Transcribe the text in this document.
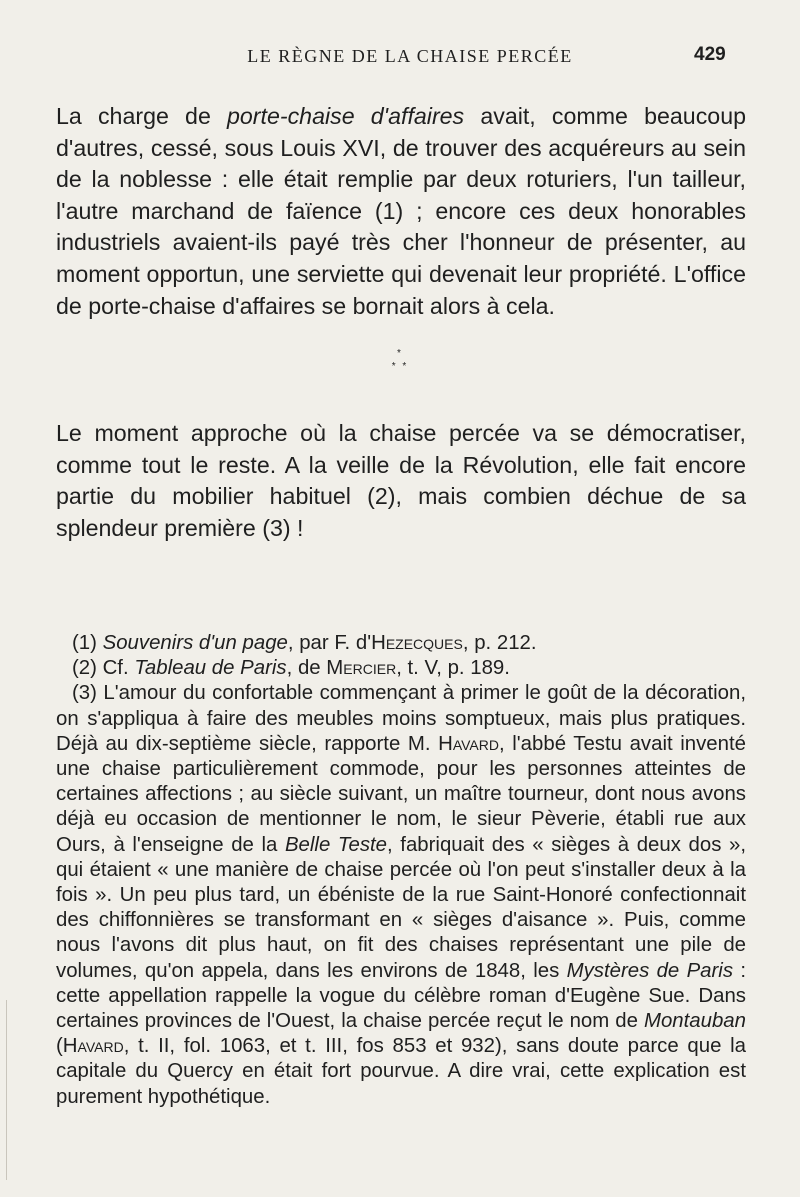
LE RÈGNE DE LA CHAISE PERCÉE	429

La charge de porte-chaise d'affaires avait, comme beaucoup d'autres, cessé, sous Louis XVI, de trouver des acquéreurs au sein de la noblesse : elle était remplie par deux roturiers, l'un tailleur, l'autre marchand de faïence (1) ; encore ces deux honorables industriels avaient-ils payé très cher l'honneur de présenter, au moment opportun, une serviette qui devenait leur propriété. L'office de porte-chaise d'affaires se bornait alors à cela.

*
* *

Le moment approche où la chaise percée va se démocratiser, comme tout le reste. A la veille de la Révolution, elle fait encore partie du mobilier habituel (2), mais combien déchue de sa splendeur première (3) !

(1) Souvenirs d'un page, par F. d'Hezecques, p. 212.

(2) Cf. Tableau de Paris, de Mercier, t. V, p. 189.

(3) L'amour du confortable commençant à primer le goût de la décoration, on s'appliqua à faire des meubles moins somptueux, mais plus pratiques. Déjà au dix-septième siècle, rapporte M. Havard, l'abbé Testu avait inventé une chaise particulièrement commode, pour les personnes atteintes de certaines affections ; au siècle suivant, un maître tourneur, dont nous avons déjà eu occasion de mentionner le nom, le sieur Pèverie, établi rue aux Ours, à l'enseigne de la Belle Teste, fabriquait des « sièges à deux dos », qui étaient « une manière de chaise percée où l'on peut s'installer deux à la fois ». Un peu plus tard, un ébéniste de la rue Saint-Honoré confectionnait des chiffonnières se transformant en « sièges d'aisance ». Puis, comme nous l'avons dit plus haut, on fit des chaises représentant une pile de volumes, qu'on appela, dans les environs de 1848, les Mystères de Paris : cette appellation rappelle la vogue du célèbre roman d'Eugène Sue. Dans certaines provinces de l'Ouest, la chaise percée reçut le nom de Montauban (Havard, t. II, fol. 1063, et t. III, fos 853 et 932), sans doute parce que la capitale du Quercy en était fort pourvue. A dire vrai, cette explication est purement hypothétique.
